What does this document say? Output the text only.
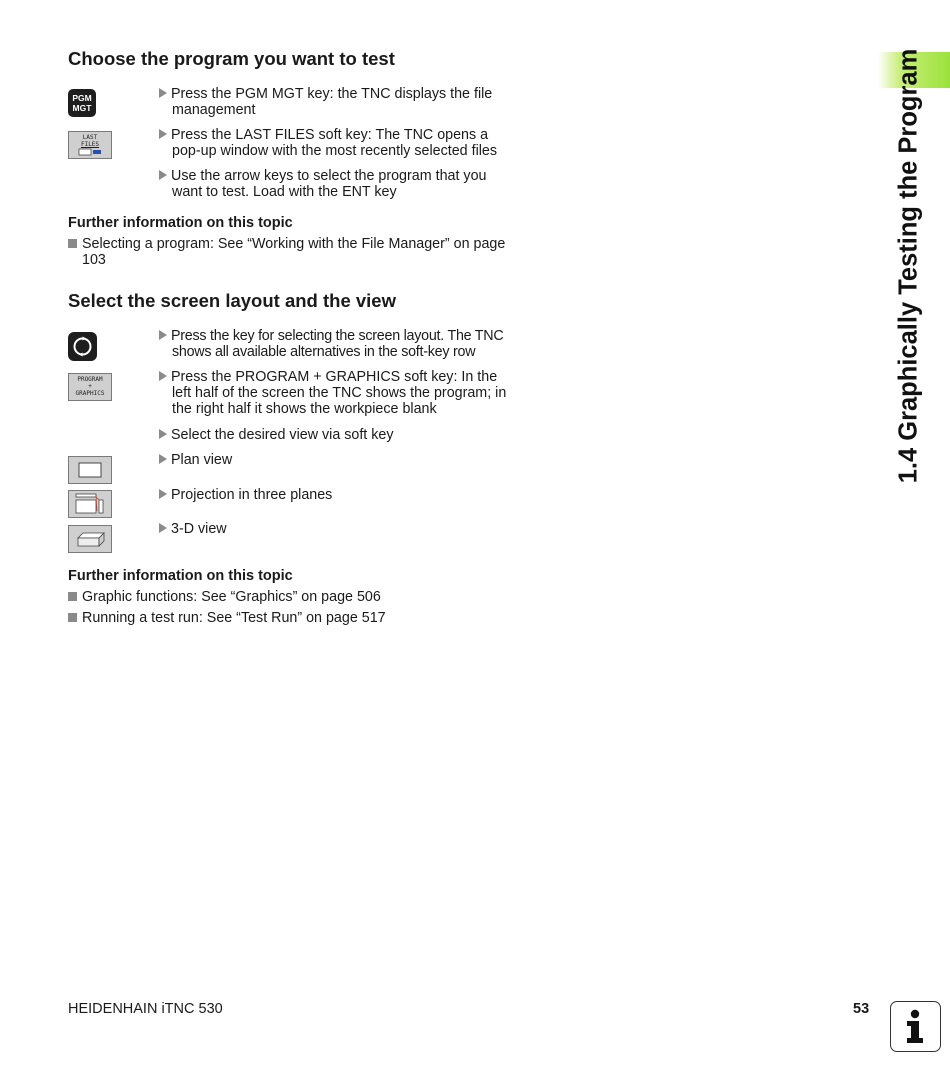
1.4 Graphically Testing the Program
Choose the program you want to test
PGM
MGT
LAST
FILES
Press the PGM MGT key: the TNC displays the file management
Press the LAST FILES soft key: The TNC opens a pop-up window with the most recently selected files
Use the arrow keys to select the program that you want to test. Load with the ENT key
Further information on this topic
Selecting a program: See “Working with the File Manager” on page 103
Select the screen layout and the view
PROGRAM
+
GRAPHICS
Press the key for selecting the screen layout. The TNC shows all available alternatives in the soft-key row
Press the PROGRAM + GRAPHICS soft key: In the left half of the screen the TNC shows the program; in the right half it shows the workpiece blank
Select the desired view via soft key
Plan view
Projection in three planes
3-D view
Further information on this topic
Graphic functions: See “Graphics” on page 506
Running a test run: See “Test Run” on page 517
HEIDENHAIN iTNC 530	53
